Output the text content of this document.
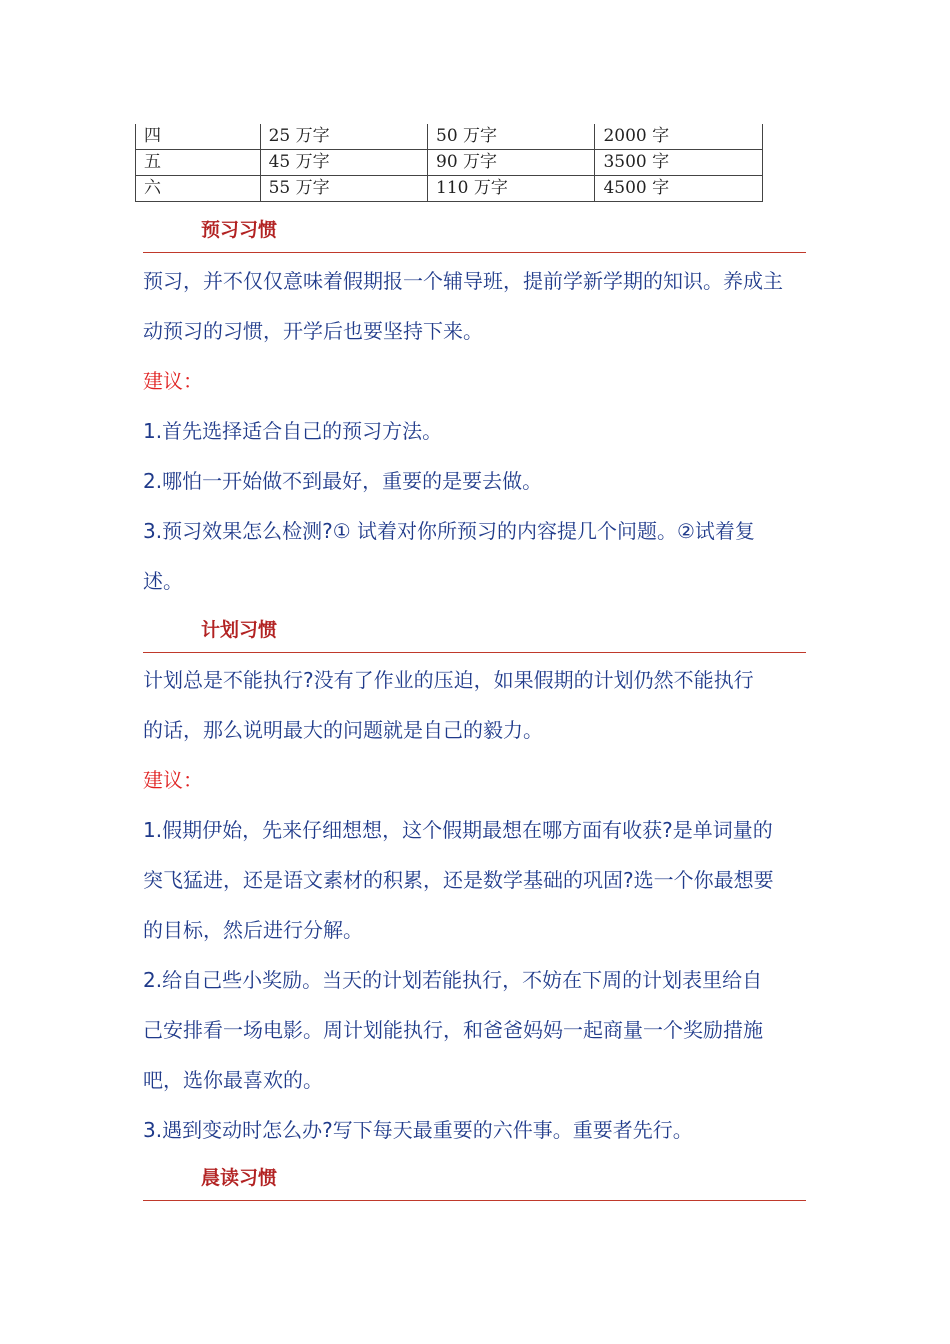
四	25 万字	50 万字	2000 字
五	45 万字	90 万字	3500 字
六	55 万字	110 万字	4500 字
预习习惯

预习，并不仅仅意味着假期报一个辅导班，提前学新学期的知识。养成主

动预习的习惯，开学后也要坚持下来。

建议：

1.首先选择适合自己的预习方法。

2.哪怕一开始做不到最好，重要的是要去做。

3.预习效果怎么检测?① 试着对你所预习的内容提几个问题。②试着复

述。

计划习惯

计划总是不能执行?没有了作业的压迫，如果假期的计划仍然不能执行

的话，那么说明最大的问题就是自己的毅力。

建议：

1.假期伊始，先来仔细想想，这个假期最想在哪方面有收获?是单词量的

突飞猛进，还是语文素材的积累，还是数学基础的巩固?选一个你最想要

的目标，然后进行分解。

2.给自己些小奖励。当天的计划若能执行，不妨在下周的计划表里给自

己安排看一场电影。周计划能执行，和爸爸妈妈一起商量一个奖励措施

吧，选你最喜欢的。

3.遇到变动时怎么办?写下每天最重要的六件事。重要者先行。

晨读习惯
